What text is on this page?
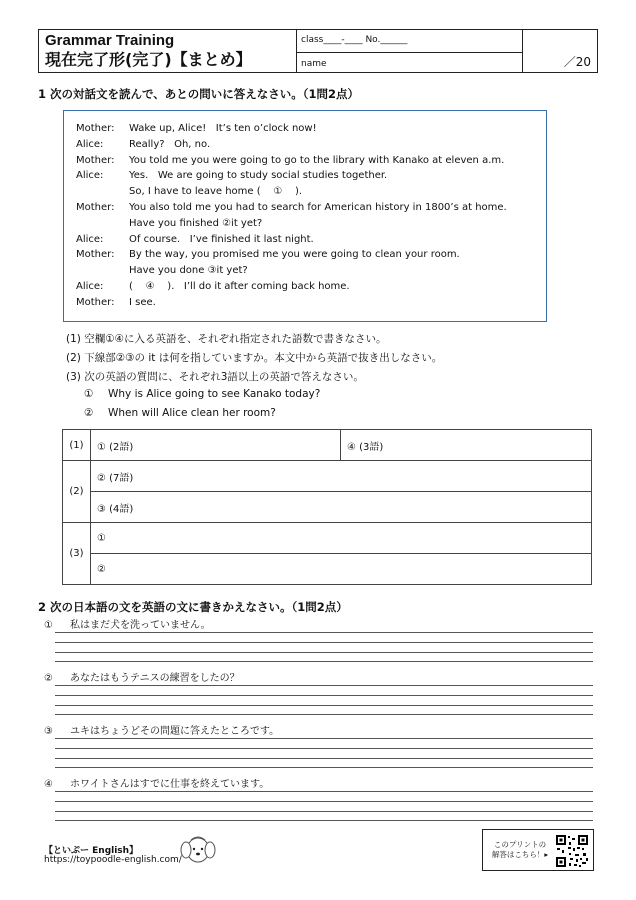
Grammar Training
現在完了形(完了)【まとめ】
class____-____ No.______
name	／20
1 次の対話文を読んで、あとの問いに答えなさい。（1問2点）
Mother:	Wake up, Alice!   It’s ten o’clock now!
Alice:	Really?   Oh, no.
Mother:	You told me you were going to go to the library with Kanako at eleven a.m.
Alice:	Yes.   We are going to study social studies together.
So, I have to leave home (    ①    ).
Mother:	You also told me you had to search for American history in 1800’s at home.
Have you finished ②it yet?
Alice:	Of course.   I’ve finished it last night.
Mother:	By the way, you promised me you were going to clean your room.
Have you done ③it yet?
Alice:	(    ④    ).   I’ll do it after coming back home.
Mother:	I see.
(1) 空欄①④に入る英語を、それぞれ指定された語数で書きなさい。
(2) 下線部②③の it は何を指していますか。本文中から英語で抜き出しなさい。
(3) 次の英語の質問に、それぞれ3語以上の英語で答えなさい。
① Why is Alice going to see Kanako today?
② When will Alice clean her room?
(1)	① (2語)	④ (3語)
(2)	② (7語)	
	③ (4語)	
(3)	①	
	②	
2 次の日本語の文を英語の文に書きかえなさい。（1問2点）
① 私はまだ犬を洗っていません。
② あなたはもうテニスの練習をしたの？
③ ユキはちょうどその問題に答えたところです。
④ ホワイトさんはすでに仕事を終えています。
【といぷー English】
https://toypoodle-english.com/
このプリントの
解答はこちら！▸
